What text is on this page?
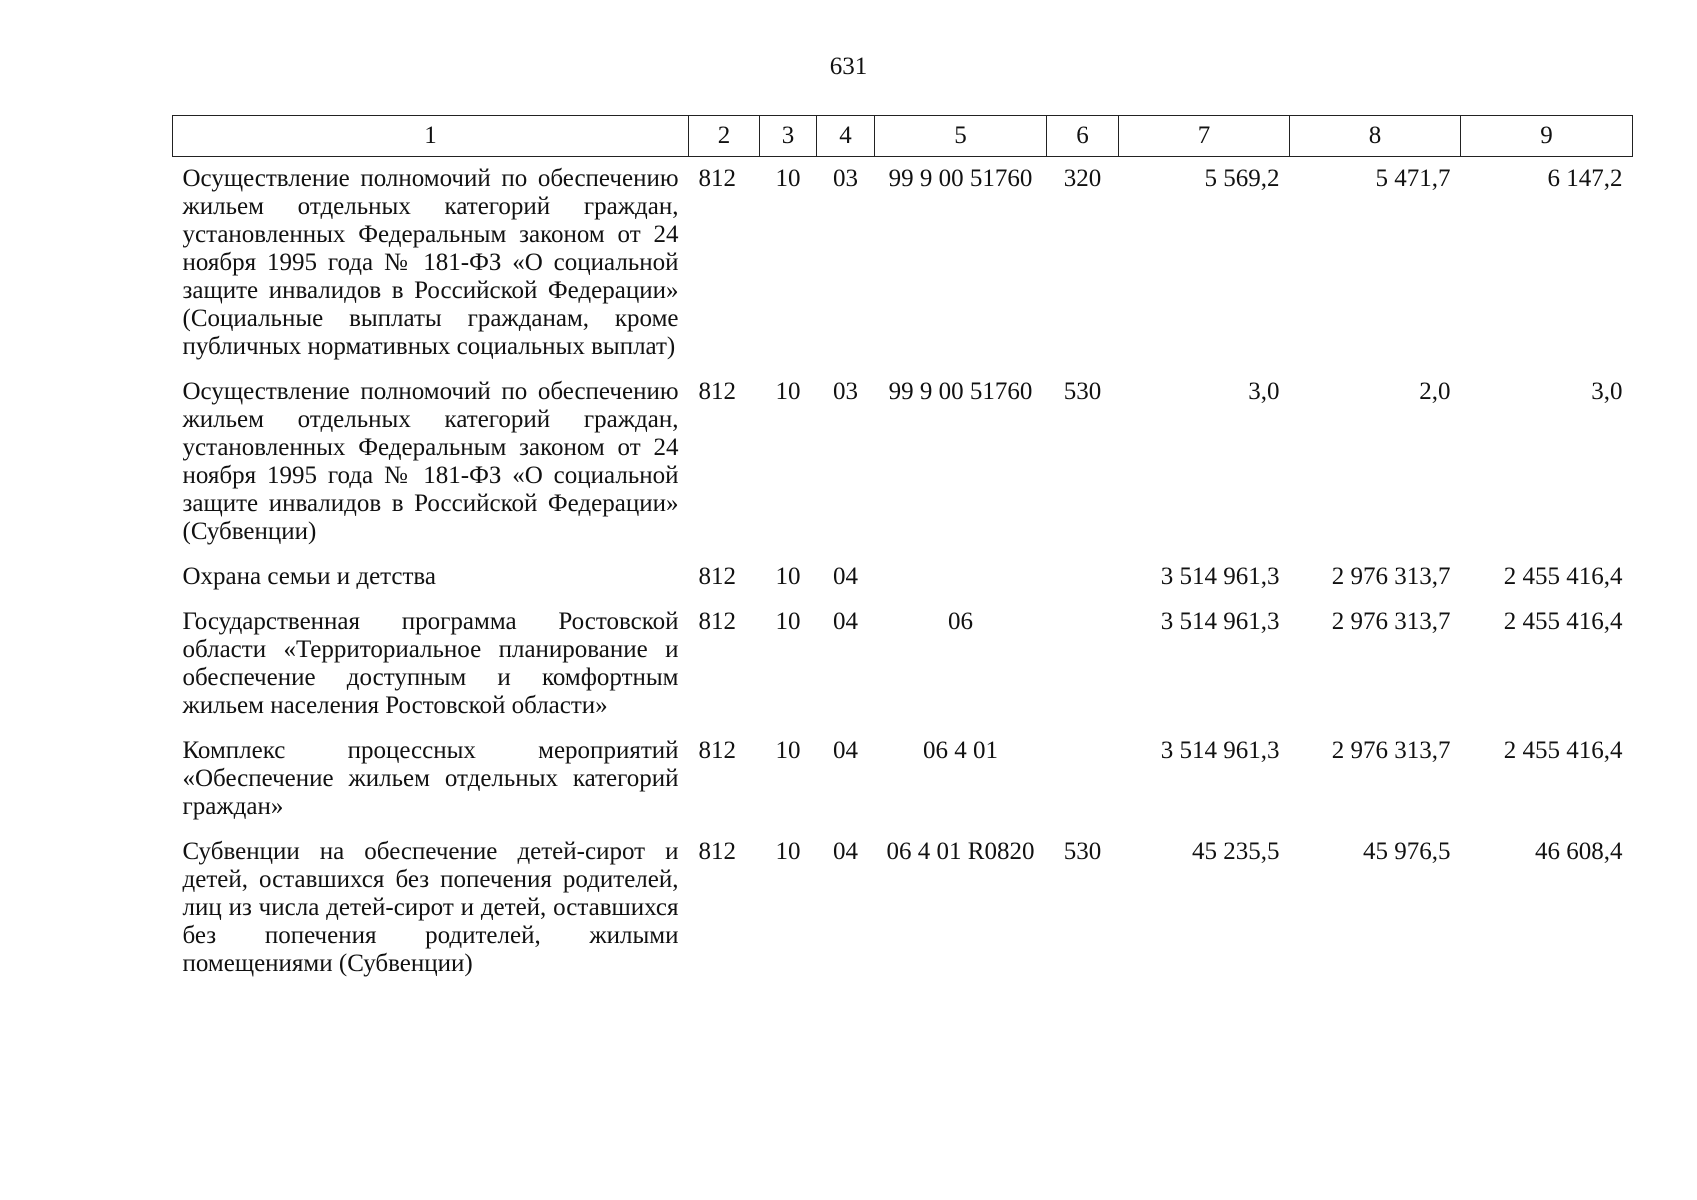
631
1	2	3	4	5	6	7	8	9
Осуществление полномочий по обеспечению жильем отдельных категорий граждан, установленных Федеральным законом от 24 ноября 1995 года № 181-ФЗ «О социальной защите инвалидов в Российской Федерации» (Социальные выплаты гражданам, кроме публичных нормативных социальных выплат)	812	10	03	99 9 00 51760	320	5 569,2	5 471,7	6 147,2
Осуществление полномочий по обеспечению жильем отдельных категорий граждан, установленных Федеральным законом от 24 ноября 1995 года № 181-ФЗ «О социальной защите инвалидов в Российской Федерации» (Субвенции)	812	10	03	99 9 00 51760	530	3,0	2,0	3,0
Охрана семьи и детства	812	10	04			3 514 961,3	2 976 313,7	2 455 416,4
Государственная программа Ростовской области «Территориальное планирование и обеспечение доступным и комфортным жильем населения Ростовской области»	812	10	04	06		3 514 961,3	2 976 313,7	2 455 416,4
Комплекс процессных мероприятий «Обеспечение жильем отдельных категорий граждан»	812	10	04	06 4 01		3 514 961,3	2 976 313,7	2 455 416,4
Субвенции на обеспечение детей-сирот и детей, оставшихся без попечения родителей, лиц из числа детей-сирот и детей, оставшихся без попечения родителей, жилыми помещениями (Субвенции)	812	10	04	06 4 01 R0820	530	45 235,5	45 976,5	46 608,4
